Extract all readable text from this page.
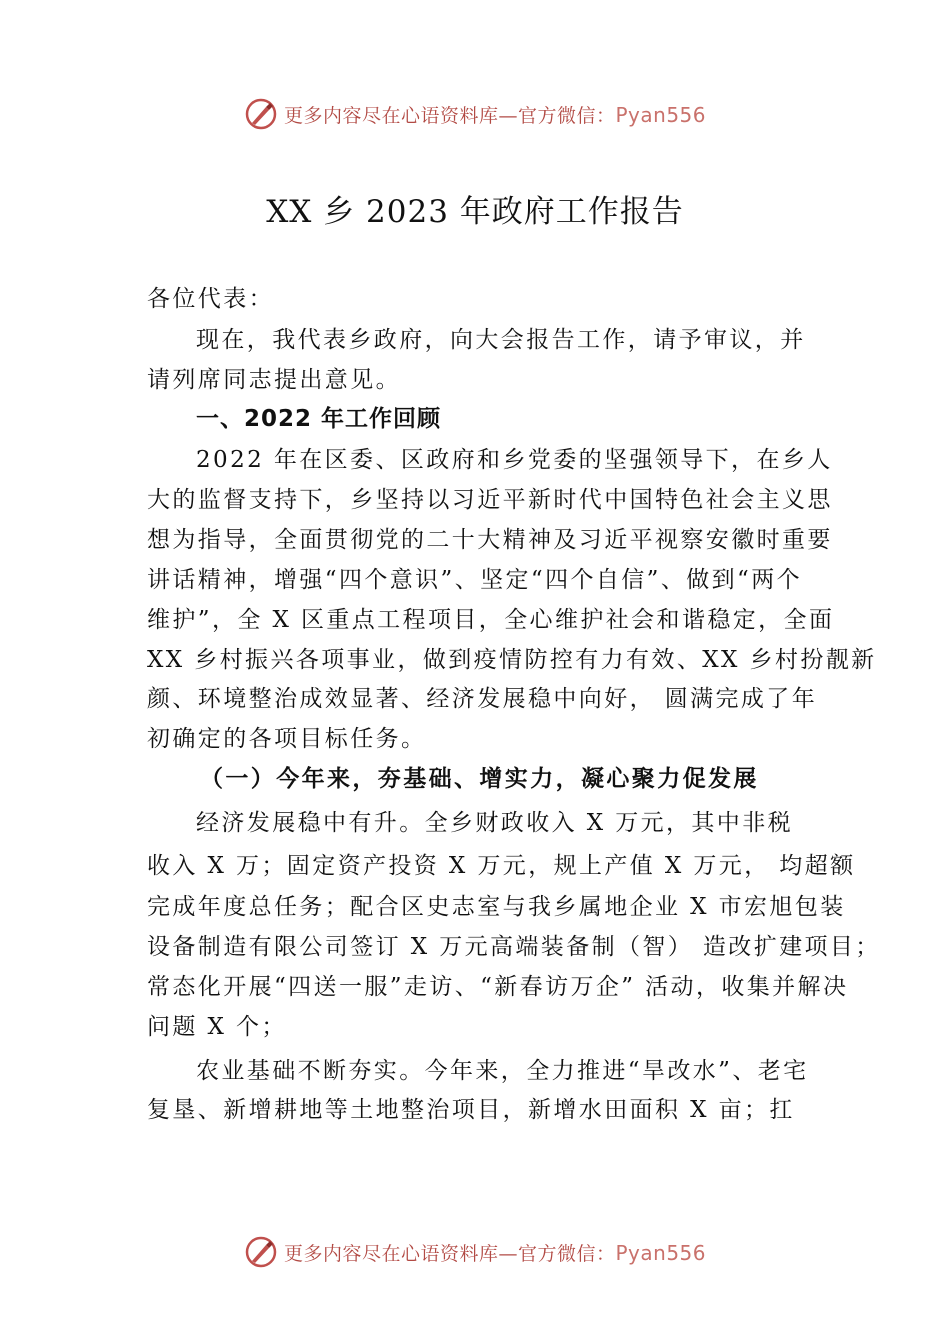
更多内容尽在心语资料库—官方微信：Pyan556
XX 乡 2023 年政府工作报告
各位代表：
现在，我代表乡政府，向大会报告工作，请予审议，并
请列席同志提出意见。
一、2022 年工作回顾
2022 年在区委、区政府和乡党委的坚强领导下，在乡人
大的监督支持下，乡坚持以习近平新时代中国特色社会主义思
想为指导，全面贯彻党的二十大精神及习近平视察安徽时重要
讲话精神，增强“四个意识”、坚定“四个自信”、做到“两个
维护”，全 X 区重点工程项目，全心维护社会和谐稳定，全面
XX 乡村振兴各项事业，做到疫情防控有力有效、XX 乡村扮靓新
颜、环境整治成效显著、经济发展稳中向好， 圆满完成了年
初确定的各项目标任务。
（一）今年来，夯基础、增实力，凝心聚力促发展
经济发展稳中有升。全乡财政收入 X 万元，其中非税
收入 X 万；固定资产投资 X 万元，规上产值 X 万元， 均超额
完成年度总任务；配合区史志室与我乡属地企业 X 市宏旭包装
设备制造有限公司签订 X 万元高端装备制（智） 造改扩建项目；
常态化开展“四送一服”走访、“新春访万企” 活动，收集并解决
问题 X 个；
农业基础不断夯实。今年来，全力推进“旱改水”、老宅
复垦、新增耕地等土地整治项目，新增水田面积 X 亩；扛
更多内容尽在心语资料库—官方微信：Pyan556
